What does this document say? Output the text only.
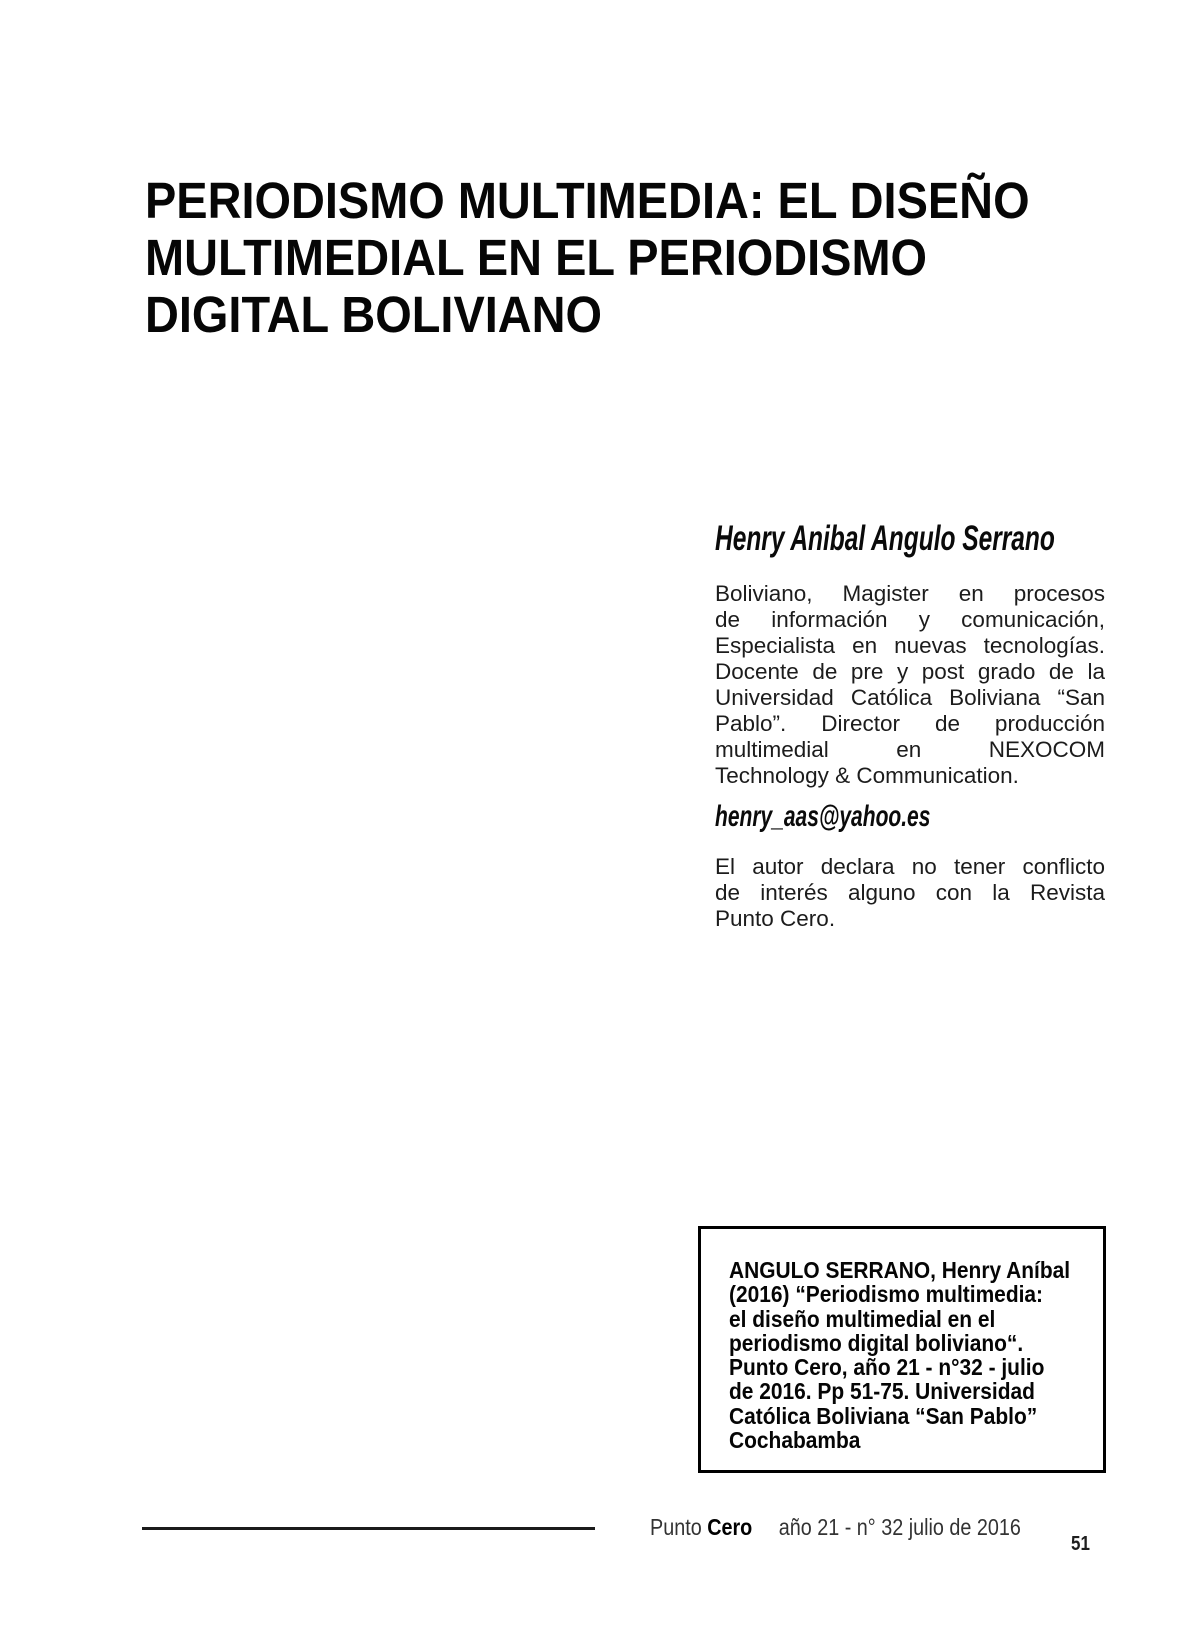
PERIODISMO MULTIMEDIA: EL DISEÑO
MULTIMEDIAL EN EL PERIODISMO
DIGITAL BOLIVIANO
Henry Anibal Angulo Serrano
Boliviano, Magister en procesos
de información y comunicación,
Especialista en nuevas tecnologías.
Docente de pre y post grado de la
Universidad Católica Boliviana “San
Pablo”. Director de producción
multimedial en NEXOCOM
Technology & Communication.
henry_aas@yahoo.es
El autor declara no tener conflicto
de interés alguno con la Revista
Punto Cero.
ANGULO SERRANO, Henry Aníbal
(2016) “Periodismo multimedia:
el diseño multimedial en el
periodismo digital boliviano“.
Punto Cero, año 21 - n°32 - julio
de 2016. Pp 51-75. Universidad
Católica Boliviana “San Pablo”
Cochabamba
Punto Cero año 21 - n° 32 julio de 2016
51
